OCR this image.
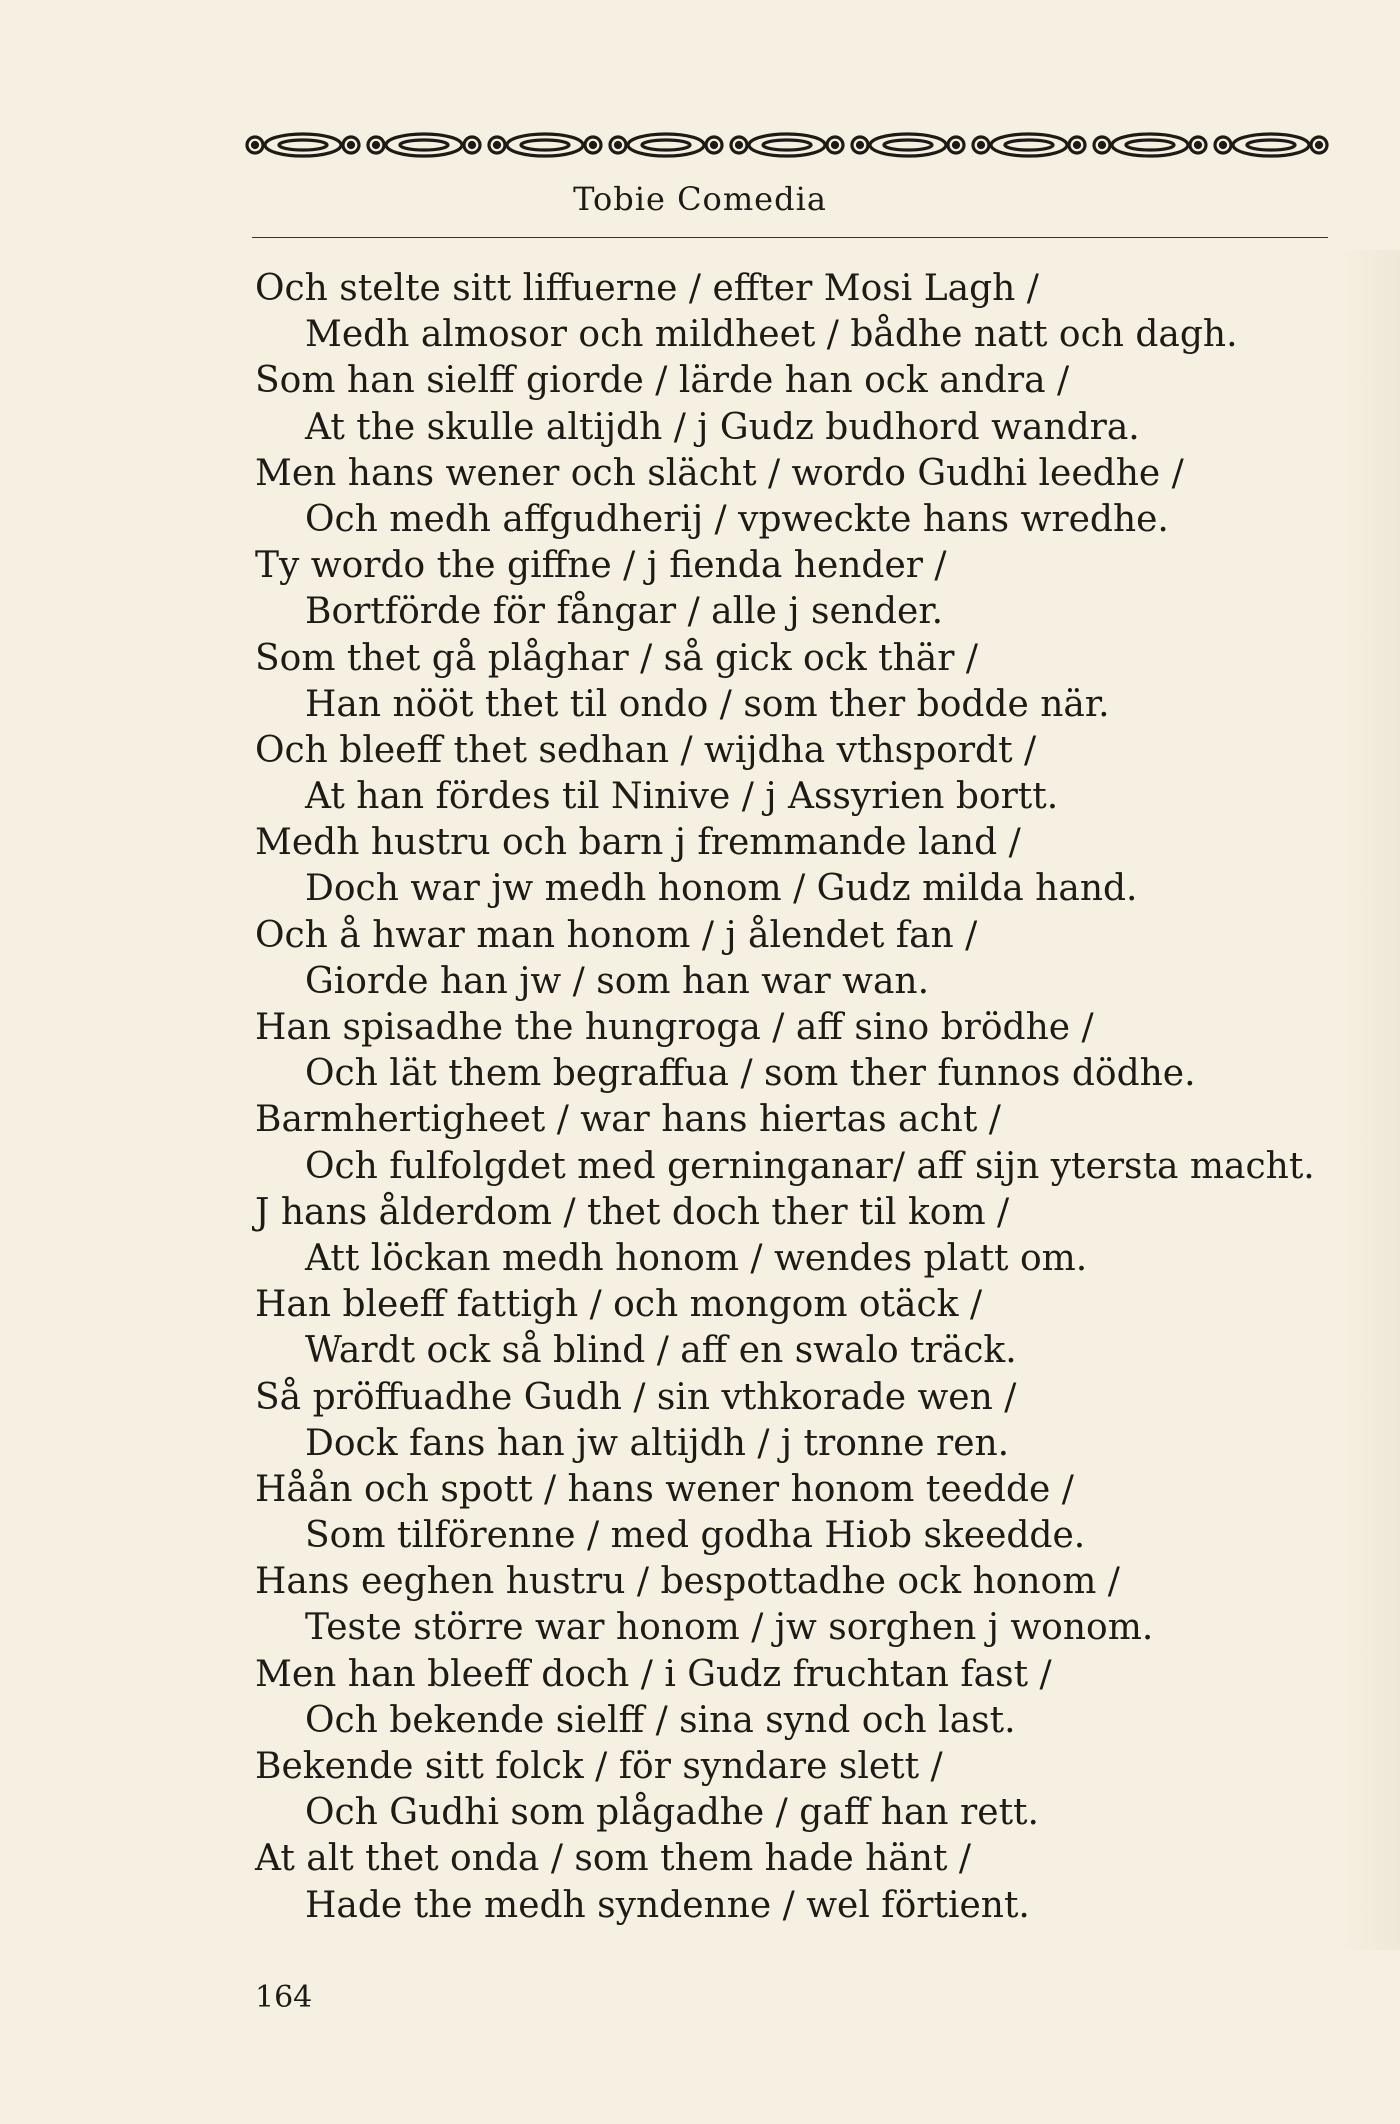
Tobie Comedia
Och stelte sitt liffuerne / effter Mosi Lagh /
Medh almosor och mildheet / bådhe natt och dagh.
Som han sielff giorde / lärde han ock andra /
At the skulle altijdh / j Gudz budhord wandra.
Men hans wener och slächt / wordo Gudhi leedhe /
Och medh affgudherij / vpweckte hans wredhe.
Ty wordo the giffne / j fienda hender /
Bortförde för fångar / alle j sender.
Som thet gå plåghar / så gick ock thär /
Han nööt thet til ondo / som ther bodde när.
Och bleeff thet sedhan / wijdha vthspordt /
At han fördes til Ninive / j Assyrien bortt.
Medh hustru och barn j fremmande land /
Doch war jw medh honom / Gudz milda hand.
Och å hwar man honom / j ålendet fan /
Giorde han jw / som han war wan.
Han spisadhe the hungroga / aff sino brödhe /
Och lät them begraffua / som ther funnos dödhe.
Barmhertigheet / war hans hiertas acht /
Och fulfolgdet med gerninganar/ aff sijn ytersta macht.
J hans ålderdom / thet doch ther til kom /
Att löckan medh honom / wendes platt om.
Han bleeff fattigh / och mongom otäck /
Wardt ock så blind / aff en swalo träck.
Så pröffuadhe Gudh / sin vthkorade wen /
Dock fans han jw altijdh / j tronne ren.
Håån och spott / hans wener honom teedde /
Som tilförenne / med godha Hiob skeedde.
Hans eeghen hustru / bespottadhe ock honom /
Teste större war honom / jw sorghen j wonom.
Men han bleeff doch / i Gudz fruchtan fast /
Och bekende sielff / sina synd och last.
Bekende sitt folck / för syndare slett /
Och Gudhi som plågadhe / gaff han rett.
At alt thet onda / som them hade hänt /
Hade the medh syndenne / wel förtient.
164
